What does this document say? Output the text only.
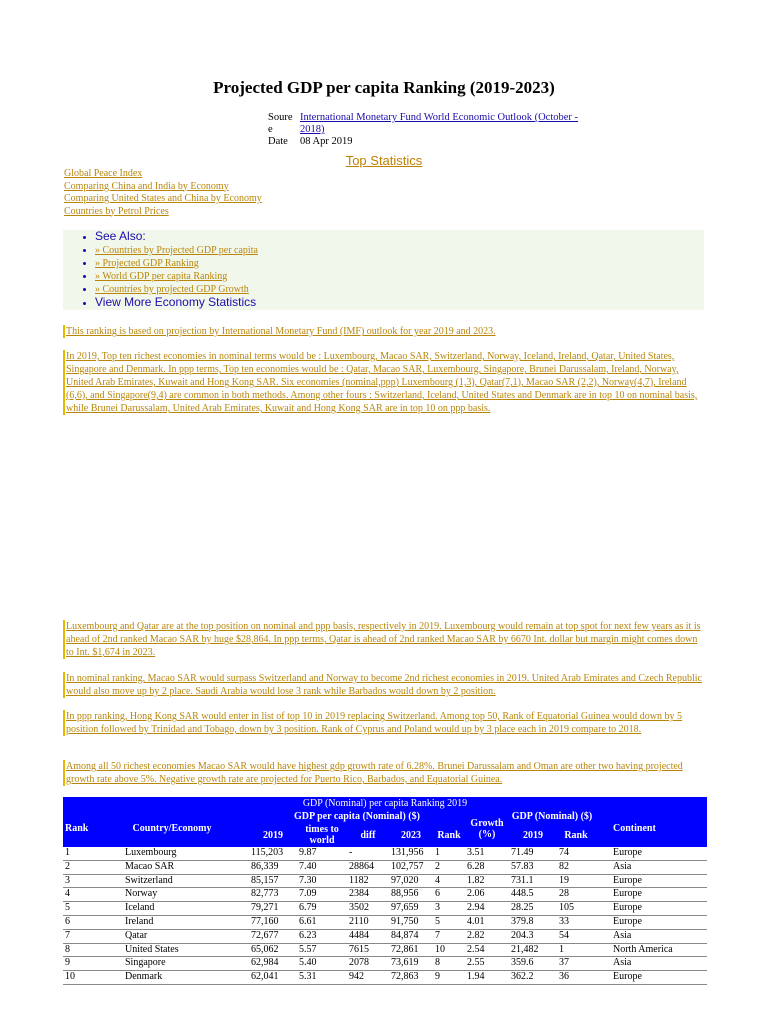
Projected GDP per capita Ranking (2019-2023)
Soure e	International Monetary Fund World Economic Outlook (October - 2018)
Date	08 Apr 2019
Top Statistics
Global Peace Index
Comparing China and India by Economy
Comparing United States and China by Economy
Countries by Petrol Prices
• See Also:
• » Countries by Projected GDP per capita
• » Projected GDP Ranking
• » World GDP per capita Ranking
• » Countries by projected GDP Growth
• View More Economy Statistics
This ranking is based on projection by International Monetary Fund (IMF) outlook for year 2019 and 2023.
In 2019, Top ten richest economies in nominal terms would be : Luxembourg, Macao SAR, Switzerland, Norway, Iceland, Ireland, Qatar, United States, Singapore and Denmark. In ppp terms, Top ten economies would be : Qatar, Macao SAR, Luxembourg, Singapore, Brunei Darussalam, Ireland, Norway, United Arab Emirates, Kuwait and Hong Kong SAR. Six economies (nominal,ppp) Luxembourg (1,3), Qatar(7,1), Macao SAR (2,2), Norway(4,7), Ireland (6,6), and Singapore(9,4) are common in both methods. Among other fours : Switzerland, Iceland, United States and Denmark are in top 10 on nominal basis, while Brunei Darussalam, United Arab Emirates, Kuwait and Hong Kong SAR are in top 10 on ppp basis.
Luxembourg and Qatar are at the top position on nominal and ppp basis, respectively in 2019. Luxembourg would remain at top spot for next few years as it is ahead of 2nd ranked Macao SAR by huge $28,864. In ppp terms, Qatar is ahead of 2nd ranked Macao SAR by 6670 Int. dollar but margin might comes down to Int. $1,674 in 2023.
In nominal ranking, Macao SAR would surpass Switzerland and Norway to become 2nd richest economies in 2019. United Arab Emirates and Czech Republic would also move up by 2 place. Saudi Arabia would lose 3 rank while Barbados would down by 2 position.
In ppp ranking, Hong Kong SAR would enter in list of top 10 in 2019 replacing Switzerland. Among top 50, Rank of Equatorial Guinea would down by 5 position followed by Trinidad and Tobago, down by 3 position. Rank of Cyprus and Poland would up by 3 place each in 2019 compare to 2018.
Among all 50 richest economies Macao SAR would have highest gdp growth rate of 6.28%. Brunei Darussalam and Oman are other two having projected growth rate above 5%. Negative growth rate are projected for Puerto Rico, Barbados, and Equatorial Guinea.
GDP (Nominal) per capita Ranking 2019										
Rank	Country/Economy	GDP per capita (Nominal) ($)					Growth (%)	GDP (Nominal) ($)		Continent
		2019	times to world	diff	2023	Rank		2019	Rank	
1	Luxembourg	115,203	9.87	-	131,956	1	3.51	71.49	74	Europe
2	Macao SAR	86,339	7.40	28864	102,757	2	6.28	57.83	82	Asia
3	Switzerland	85,157	7.30	1182	97,020	4	1.82	731.1	19	Europe
4	Norway	82,773	7.09	2384	88,956	6	2.06	448.5	28	Europe
5	Iceland	79,271	6.79	3502	97,659	3	2.94	28.25	105	Europe
6	Ireland	77,160	6.61	2110	91,750	5	4.01	379.8	33	Europe
7	Qatar	72,677	6.23	4484	84,874	7	2.82	204.3	54	Asia
8	United States	65,062	5.57	7615	72,861	10	2.54	21,482	1	North America
9	Singapore	62,984	5.40	2078	73,619	8	2.55	359.6	37	Asia
10	Denmark	62,041	5.31	942	72,863	9	1.94	362.2	36	Europe
